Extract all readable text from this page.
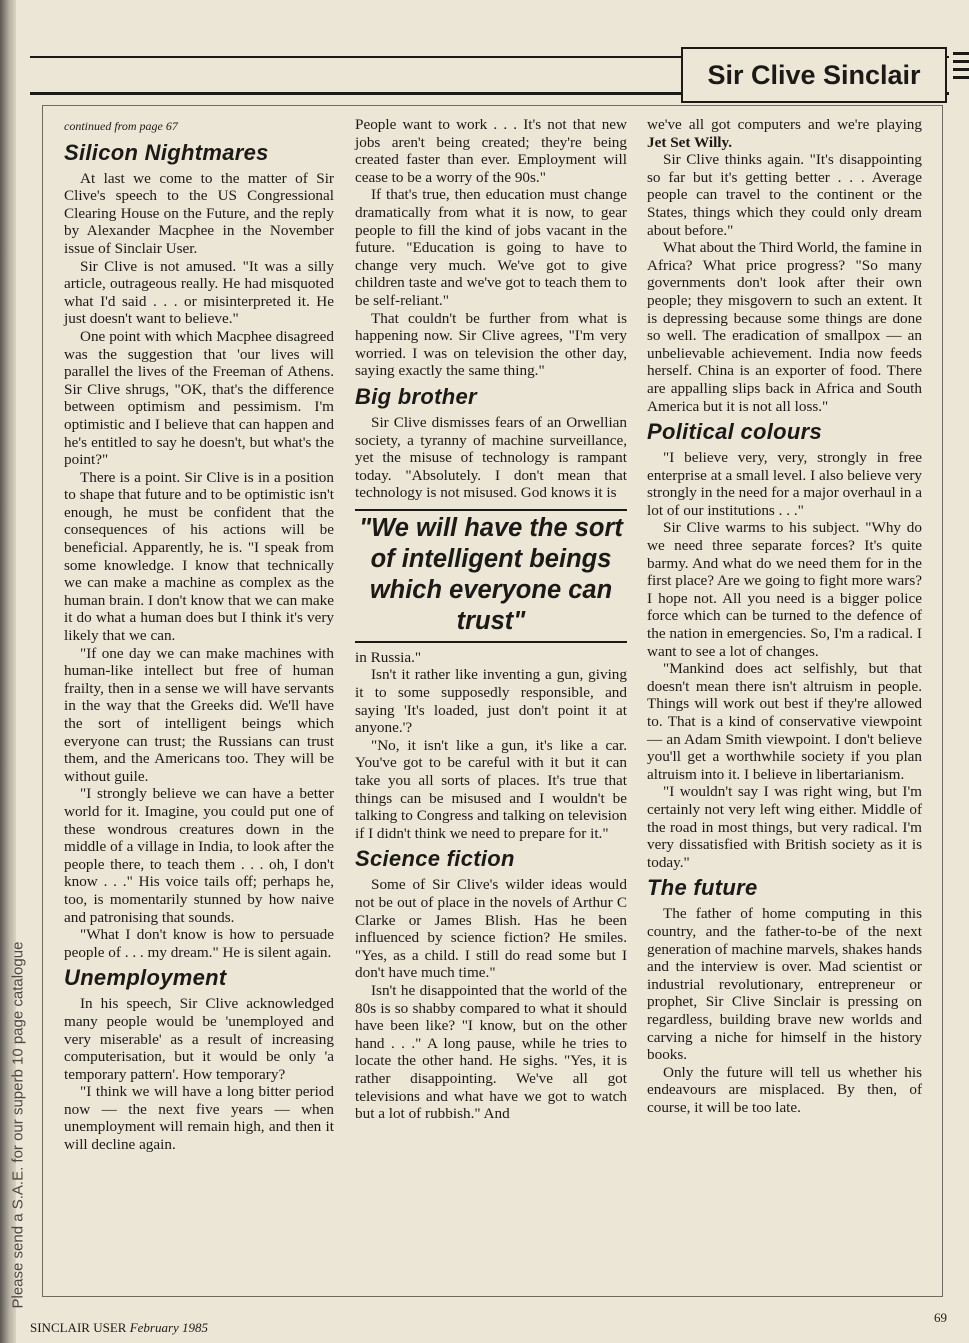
Please send a S.A.E. for our superb 10 page catalogue
Sir Clive Sinclair
continued from page 67
Silicon Nightmares

At last we come to the matter of Sir Clive's speech to the US Congressional Clearing House on the Future, and the reply by Alexander Macphee in the November issue of Sinclair User.

Sir Clive is not amused. "It was a silly article, outrageous really. He had misquoted what I'd said . . . or misinterpreted it. He just doesn't want to believe."

One point with which Macphee disagreed was the suggestion that 'our lives will parallel the lives of the Freeman of Athens. Sir Clive shrugs, "OK, that's the difference between optimism and pessimism. I'm optimistic and I believe that can happen and he's entitled to say he doesn't, but what's the point?"

There is a point. Sir Clive is in a position to shape that future and to be optimistic isn't enough, he must be confident that the consequences of his actions will be beneficial. Apparently, he is. "I speak from some knowledge. I know that technically we can make a machine as complex as the human brain. I don't know that we can make it do what a human does but I think it's very likely that we can.

"If one day we can make machines with human-like intellect but free of human frailty, then in a sense we will have servants in the way that the Greeks did. We'll have the sort of intelligent beings which everyone can trust; the Russians can trust them, and the Americans too. They will be without guile.

"I strongly believe we can have a better world for it. Imagine, you could put one of these wondrous creatures down in the middle of a village in India, to look after the people there, to teach them . . . oh, I don't know . . ." His voice tails off; perhaps he, too, is momentarily stunned by how naive and patronising that sounds.

"What I don't know is how to persuade people of . . . my dream." He is silent again.

Unemployment

In his speech, Sir Clive acknowledged many people would be 'unemployed and very miserable' as a result of increasing computerisation, but it would be only 'a temporary pattern'. How temporary?

"I think we will have a long bitter period now — the next five years — when unemployment will remain high, and then it will decline again.

People want to work . . . It's not that new jobs aren't being created; they're being created faster than ever. Employment will cease to be a worry of the 90s."

If that's true, then education must change dramatically from what it is now, to gear people to fill the kind of jobs vacant in the future. "Education is going to have to change very much. We've got to give children taste and we've got to teach them to be self-reliant."

That couldn't be further from what is happening now. Sir Clive agrees, "I'm very worried. I was on television the other day, saying exactly the same thing."

Big brother

Sir Clive dismisses fears of an Orwellian society, a tyranny of machine surveillance, yet the misuse of technology is rampant today. "Absolutely. I don't mean that technology is not misused. God knows it is

"We will have the sort of intelligent beings which everyone can trust"

in Russia."

Isn't it rather like inventing a gun, giving it to some supposedly responsible, and saying 'It's loaded, just don't point it at anyone.'?

"No, it isn't like a gun, it's like a car. You've got to be careful with it but it can take you all sorts of places. It's true that things can be misused and I wouldn't be talking to Congress and talking on television if I didn't think we need to prepare for it."

Science fiction

Some of Sir Clive's wilder ideas would not be out of place in the novels of Arthur C Clarke or James Blish. Has he been influenced by science fiction? He smiles. "Yes, as a child. I still do read some but I don't have much time."

Isn't he disappointed that the world of the 80s is so shabby compared to what it should have been like? "I know, but on the other hand . . ." A long pause, while he tries to locate the other hand. He sighs. "Yes, it is rather disappointing. We've all got televisions and what have we got to watch but a lot of rubbish." And

we've all got computers and we're playing Jet Set Willy.

Sir Clive thinks again. "It's disappointing so far but it's getting better . . . Average people can travel to the continent or the States, things which they could only dream about before."

What about the Third World, the famine in Africa? What price progress? "So many governments don't look after their own people; they misgovern to such an extent. It is depressing because some things are done so well. The eradication of smallpox — an unbelievable achievement. India now feeds herself. China is an exporter of food. There are appalling slips back in Africa and South America but it is not all loss."

Political colours

"I believe very, very, strongly in free enterprise at a small level. I also believe very strongly in the need for a major overhaul in a lot of our institutions . . ."

Sir Clive warms to his subject. "Why do we need three separate forces? It's quite barmy. And what do we need them for in the first place? Are we going to fight more wars? I hope not. All you need is a bigger police force which can be turned to the defence of the nation in emergencies. So, I'm a radical. I want to see a lot of changes.

"Mankind does act selfishly, but that doesn't mean there isn't altruism in people. Things will work out best if they're allowed to. That is a kind of conservative viewpoint — an Adam Smith viewpoint. I don't believe you'll get a worthwhile society if you plan altruism into it. I believe in libertarianism.

"I wouldn't say I was right wing, but I'm certainly not very left wing either. Middle of the road in most things, but very radical. I'm very dissatisfied with British society as it is today."

The future

The father of home computing in this country, and the father-to-be of the next generation of machine marvels, shakes hands and the interview is over. Mad scientist or industrial revolutionary, entrepreneur or prophet, Sir Clive Sinclair is pressing on regardless, building brave new worlds and carving a niche for himself in the history books.

Only the future will tell us whether his endeavours are misplaced. By then, of course, it will be too late.

SINCLAIR USER February 1985
69
